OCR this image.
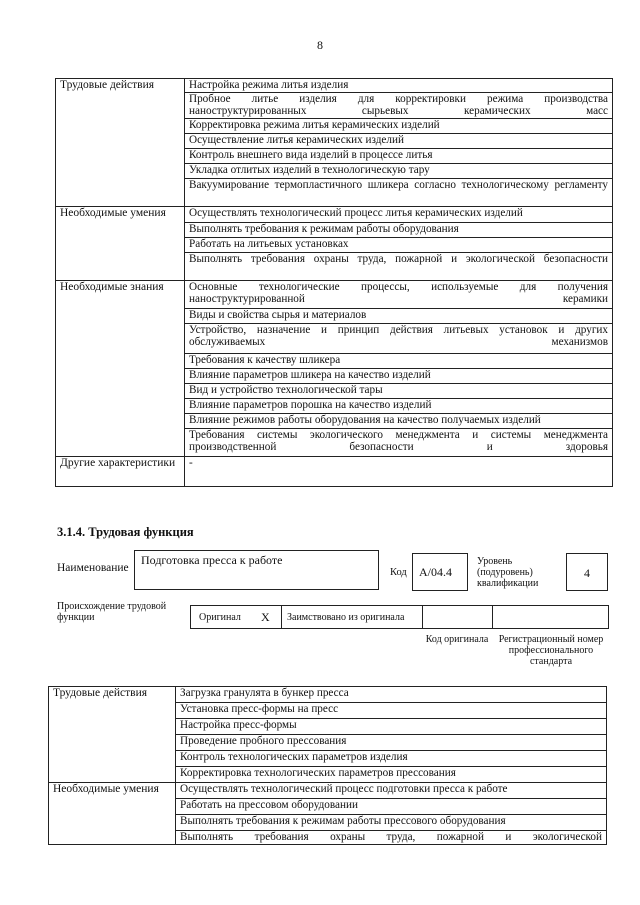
8
Трудовые действия	Настройка режима литья изделия
	Пробное литье изделия для корректировки режима производства наноструктурированных сырьевых керамических масс
	Корректировка режима литья керамических изделий
	Осуществление литья керамических изделий
	Контроль внешнего вида изделий в процессе литья
	Укладка отлитых изделий в технологическую тару
	Вакуумирование термопластичного шликера согласно технологическому регламенту
Необходимые умения	Осуществлять технологический процесс литья керамических изделий
	Выполнять требования к режимам работы оборудования
	Работать на литьевых установках
	Выполнять требования охраны труда, пожарной и экологической безопасности
Необходимые знания	Основные технологические процессы, используемые для получения наноструктурированной керамики
	Виды и свойства сырья и материалов
	Устройство, назначение и принцип действия литьевых установок и других обслуживаемых механизмов
	Требования к качеству шликера
	Влияние параметров шликера на качество изделий
	Вид и устройство технологической тары
	Влияние параметров порошка на качество изделий
	Влияние режимов работы оборудования на качество получаемых изделий
	Требования системы экологического менеджмента и системы менеджмента производственной безопасности и здоровья
Другие характеристики	-
3.1.4. Трудовая функция
Наименование
Подготовка пресса к работе
Код	А/04.4
Уровень (подуровень) квалификации
4
Происхождение трудовой функции	Оригинал X Заимствовано из оригинала
Код оригинала	Регистрационный номер профессионального стандарта
Трудовые действия	Загрузка гранулята в бункер пресса
	Установка пресс-формы на пресс
	Настройка пресс-формы
	Проведение пробного прессования
	Контроль технологических параметров изделия
	Корректировка технологических параметров прессования
Необходимые умения	Осуществлять технологический процесс подготовки пресса к работе
	Работать на прессовом оборудовании
	Выполнять требования к режимам работы прессового оборудования
	Выполнять требования охраны труда, пожарной и экологической
